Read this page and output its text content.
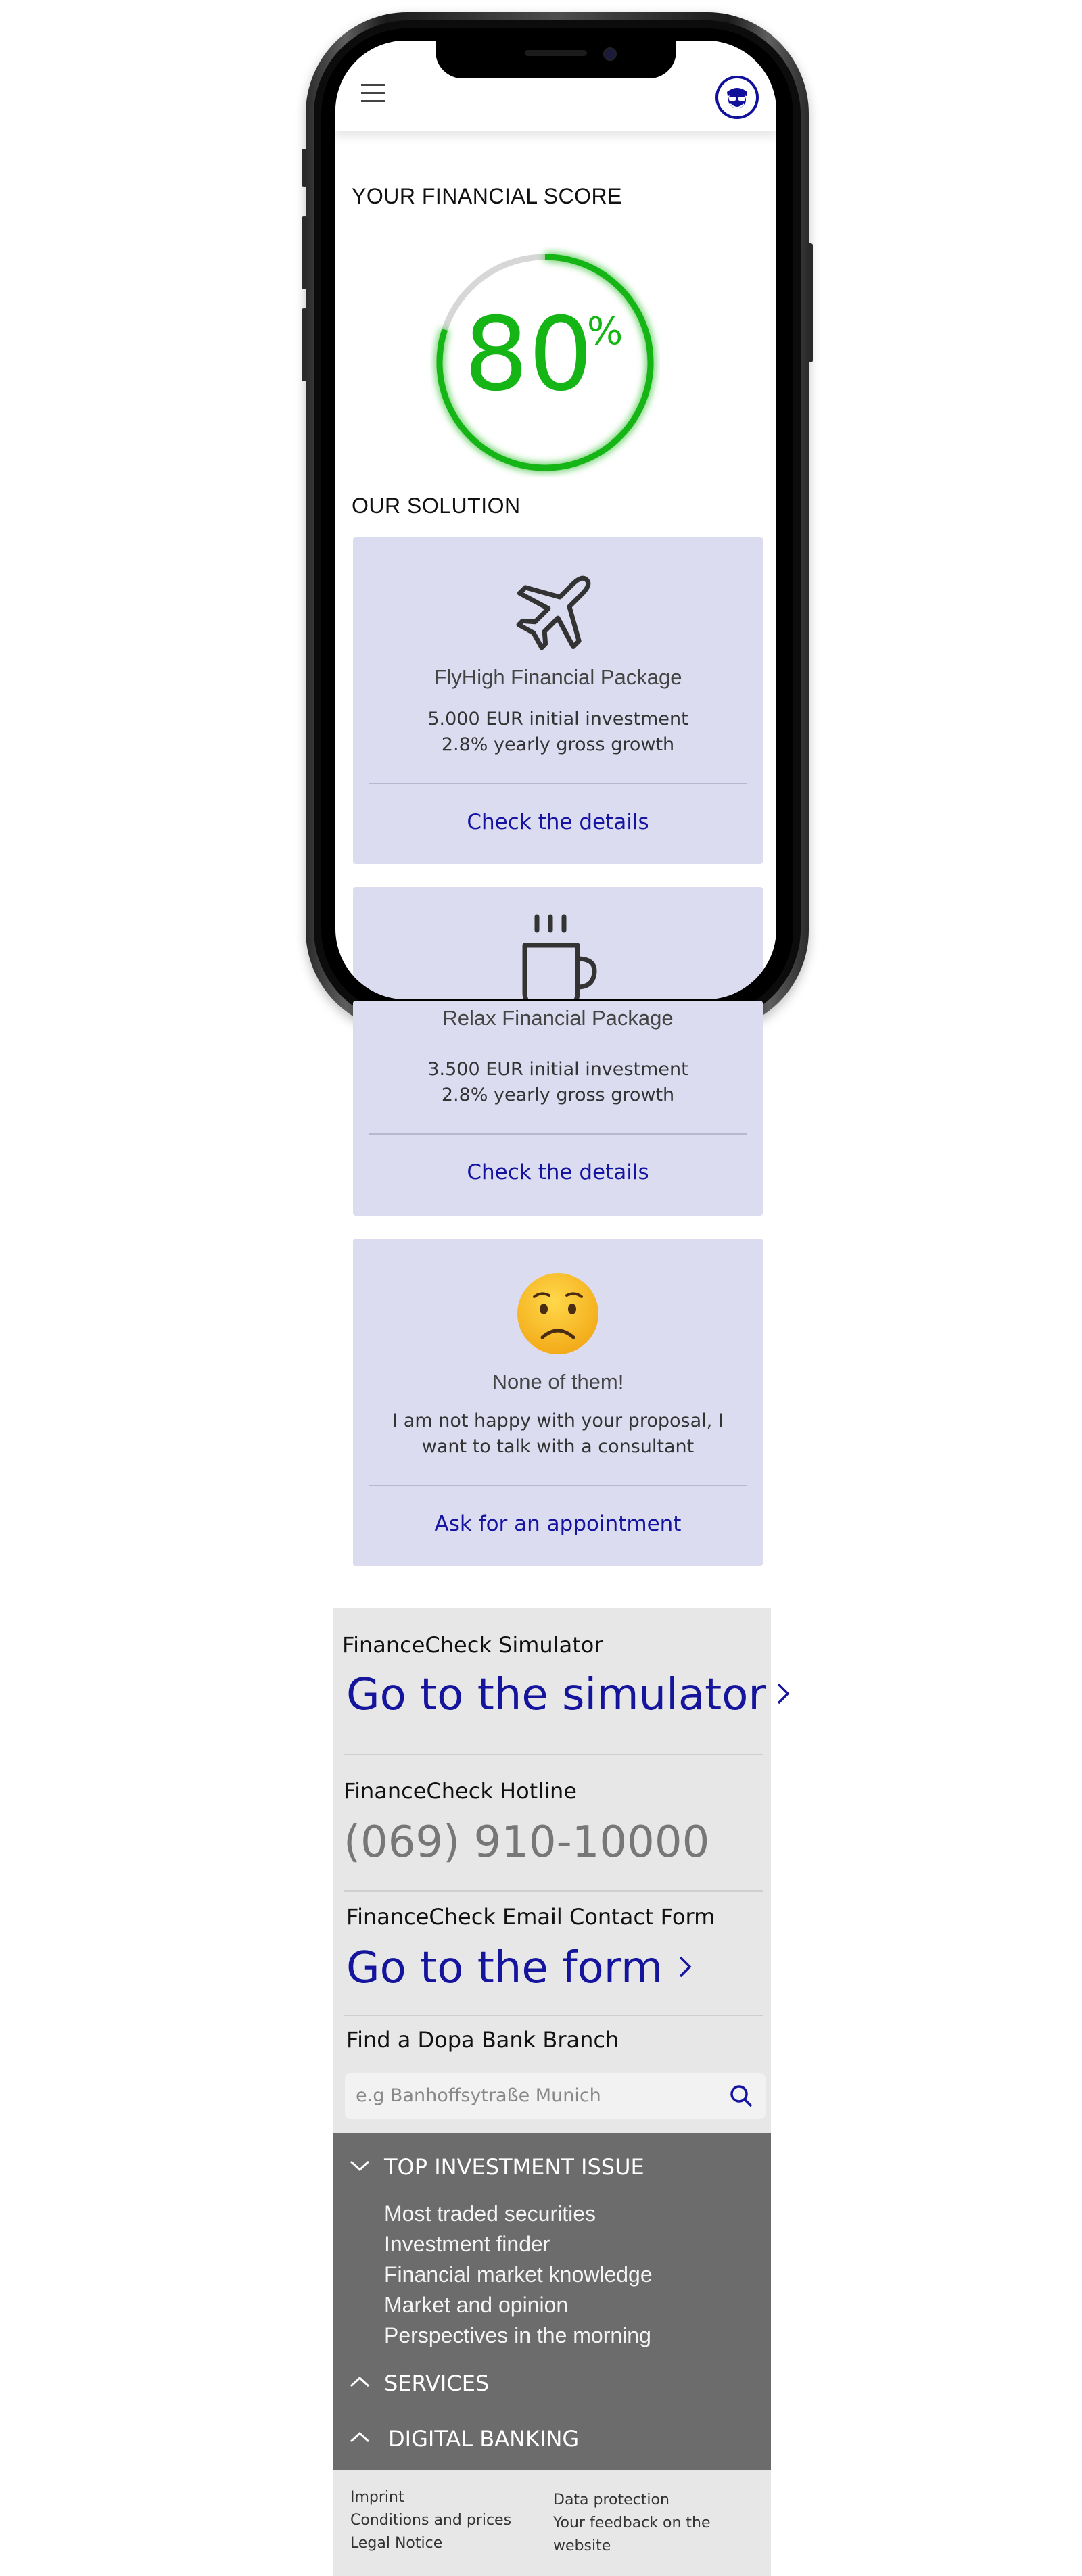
YOUR FINANCIAL SCORE
80
%
OUR SOLUTION
FlyHigh Financial Package
5.000 EUR initial investment
2.8% yearly gross growth
Check the details
Relax Financial Package
3.500 EUR initial investment
2.8% yearly gross growth
Check the details
None of them!
I am not happy with your proposal, I
want to talk with a consultant
Ask for an appointment
FinanceCheck Simulator
Go to the simulator
FinanceCheck Hotline
(069) 910-10000
FinanceCheck Email Contact Form
Go to the form
Find a Dopa Bank Branch
e.g Banhoffsytraße Munich
TOP INVESTMENT ISSUE
Most traded securities
Investment finder
Financial market knowledge
Market and opinion
Perspectives in the morning
SERVICES
DIGITAL BANKING
Imprint
Conditions and prices
Legal Notice
Data protection
Your feedback on the
website
